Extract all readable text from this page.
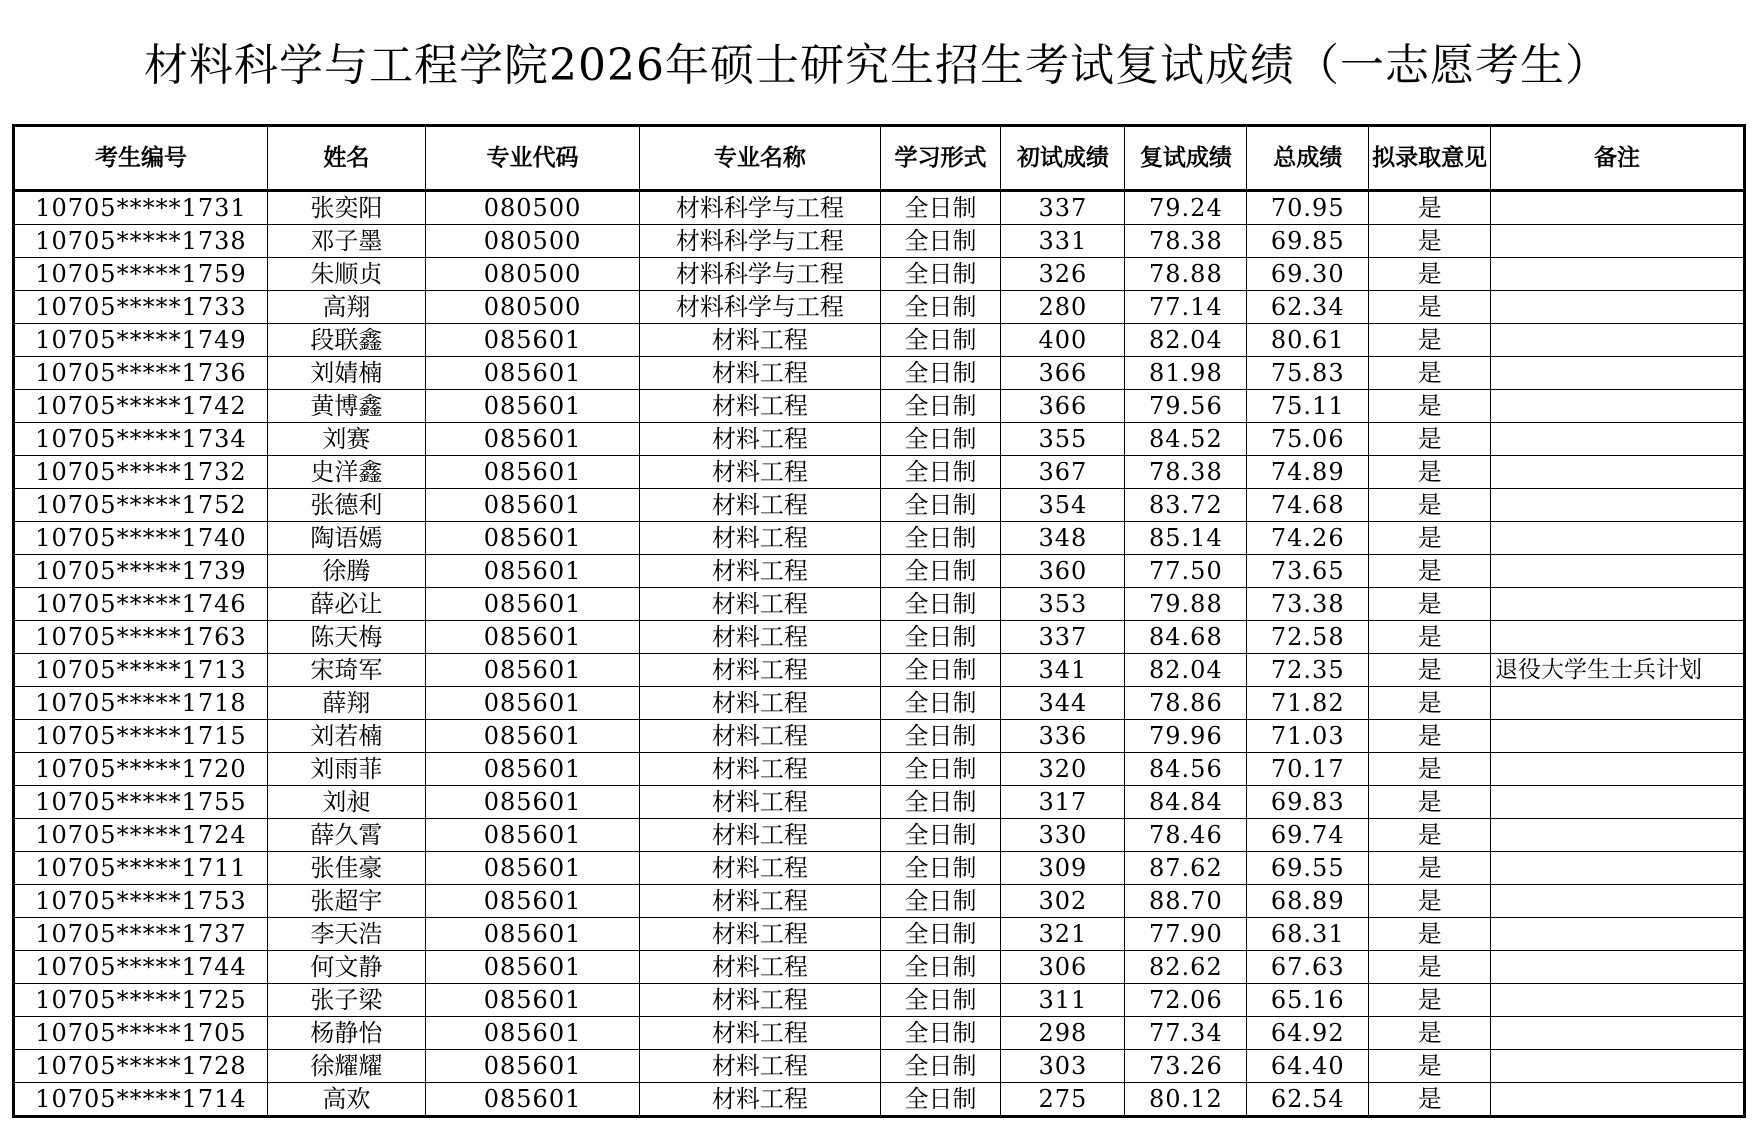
材料科学与工程学院2026年硕士研究生招生考试复试成绩（一志愿考生）
考生编号	姓名	专业代码	专业名称	学习形式	初试成绩	复试成绩	总成绩	拟录取意见	备注
10705*****1731	张奕阳	080500	材料科学与工程	全日制	337	79.24	70.95	是	
10705*****1738	邓子墨	080500	材料科学与工程	全日制	331	78.38	69.85	是	
10705*****1759	朱顺贞	080500	材料科学与工程	全日制	326	78.88	69.30	是	
10705*****1733	高翔	080500	材料科学与工程	全日制	280	77.14	62.34	是	
10705*****1749	段联鑫	085601	材料工程	全日制	400	82.04	80.61	是	
10705*****1736	刘婧楠	085601	材料工程	全日制	366	81.98	75.83	是	
10705*****1742	黄博鑫	085601	材料工程	全日制	366	79.56	75.11	是	
10705*****1734	刘赛	085601	材料工程	全日制	355	84.52	75.06	是	
10705*****1732	史洋鑫	085601	材料工程	全日制	367	78.38	74.89	是	
10705*****1752	张德利	085601	材料工程	全日制	354	83.72	74.68	是	
10705*****1740	陶语嫣	085601	材料工程	全日制	348	85.14	74.26	是	
10705*****1739	徐腾	085601	材料工程	全日制	360	77.50	73.65	是	
10705*****1746	薛必让	085601	材料工程	全日制	353	79.88	73.38	是	
10705*****1763	陈天梅	085601	材料工程	全日制	337	84.68	72.58	是	
10705*****1713	宋琦军	085601	材料工程	全日制	341	82.04	72.35	是	退役大学生士兵计划
10705*****1718	薛翔	085601	材料工程	全日制	344	78.86	71.82	是	
10705*****1715	刘若楠	085601	材料工程	全日制	336	79.96	71.03	是	
10705*****1720	刘雨菲	085601	材料工程	全日制	320	84.56	70.17	是	
10705*****1755	刘昶	085601	材料工程	全日制	317	84.84	69.83	是	
10705*****1724	薛久霄	085601	材料工程	全日制	330	78.46	69.74	是	
10705*****1711	张佳豪	085601	材料工程	全日制	309	87.62	69.55	是	
10705*****1753	张超宇	085601	材料工程	全日制	302	88.70	68.89	是	
10705*****1737	李天浩	085601	材料工程	全日制	321	77.90	68.31	是	
10705*****1744	何文静	085601	材料工程	全日制	306	82.62	67.63	是	
10705*****1725	张子梁	085601	材料工程	全日制	311	72.06	65.16	是	
10705*****1705	杨静怡	085601	材料工程	全日制	298	77.34	64.92	是	
10705*****1728	徐耀耀	085601	材料工程	全日制	303	73.26	64.40	是	
10705*****1714	高欢	085601	材料工程	全日制	275	80.12	62.54	是	
